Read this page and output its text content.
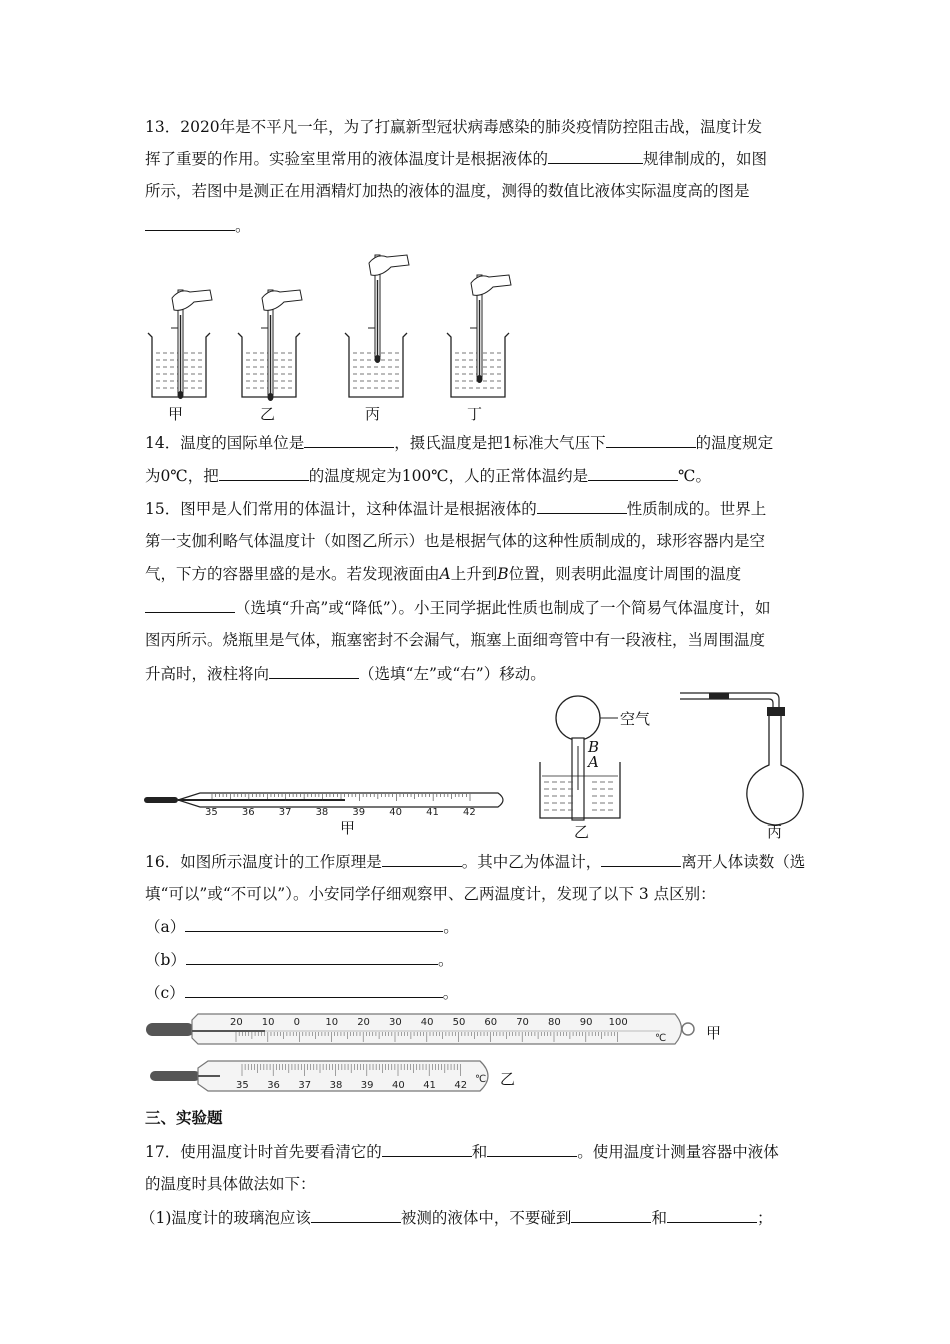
13．2020年是不平凡一年，为了打赢新型冠状病毒感染的肺炎疫情防控阻击战，温度计发
挥了重要的作用。实验室里常用的液体温度计是根据液体的	规律制成的，如图
所示，若图中是测正在用酒精灯加热的液体的温度，测得的数值比液体实际温度高的图是
。
甲	乙	丙	丁
14．温度的国际单位是	，摄氏温度是把1标准大气压下	的温度规定
为0℃，把	的温度规定为100℃，人的正常体温约是	℃。
15．图甲是人们常用的体温计，这种体温计是根据液体的	性质制成的。世界上
第一支伽利略气体温度计（如图乙所示）也是根据气体的这种性质制成的，球形容器内是空
气，下方的容器里盛的是水。若发现液面由A上升到B位置，则表明此温度计周围的温度
（选填“升高”或“降低”）。小王同学据此性质也制成了一个简易气体温度计，如
图丙所示。烧瓶里是气体，瓶塞密封不会漏气，瓶塞上面细弯管中有一段液柱，当周围温度
升高时，液柱将向	（选填“左”或“右”）移动。
35 36 37 38 39 40 41 42
甲
空气
B
A
乙	丙
16．如图所示温度计的工作原理是	。其中乙为体温计，	离开人体读数（选
填“可以”或“不可以”）。小安同学仔细观察甲、乙两温度计，发现了以下 3 点区别：
（a）	。
（b）	。
（c）	。
20 10 0	10 20 30 40 50 60 70 80 90 100
℃	甲
35 36 37 38 39 40 41 42
℃ 乙
三、实验题
17．使用温度计时首先要看清它的	和	。使用温度计测量容器中液体
的温度时具体做法如下：
（1)温度计的玻璃泡应该	被测的液体中，不要碰到	和	；
